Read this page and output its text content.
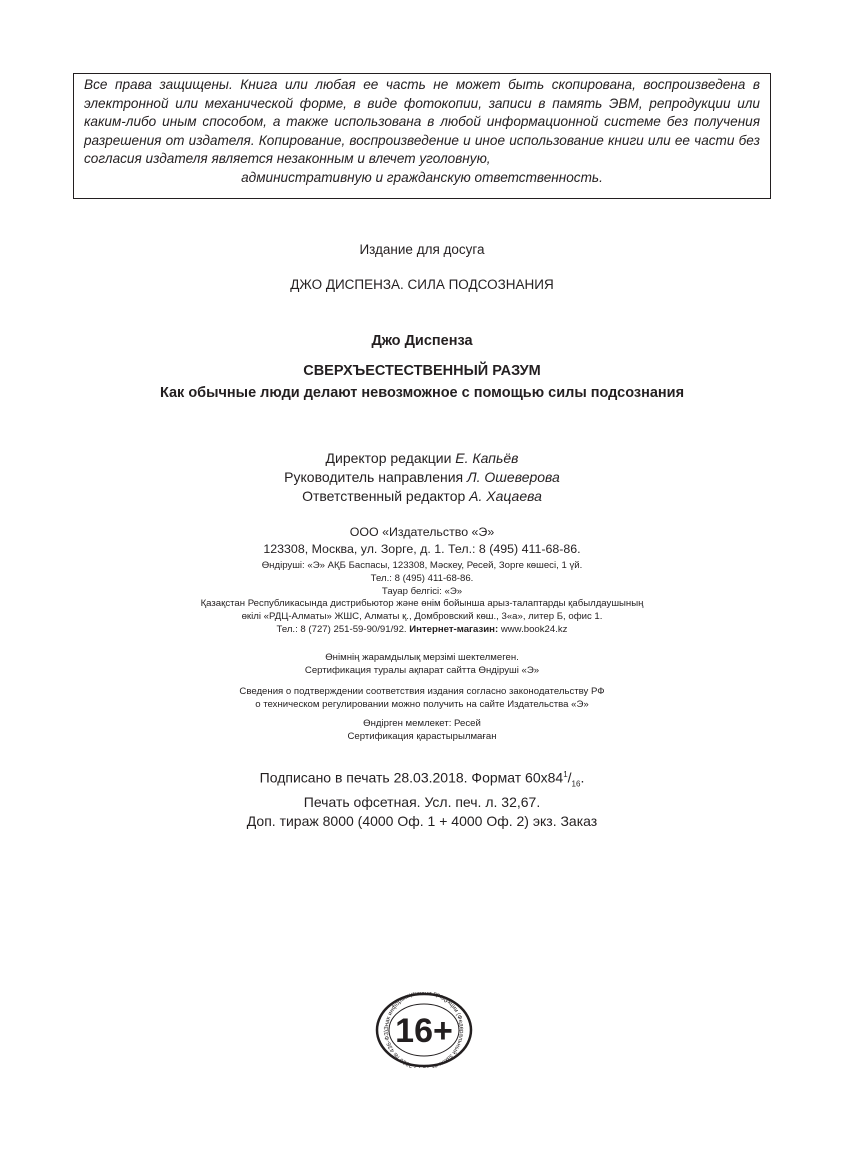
Все права защищены. Книга или любая ее часть не может быть скопирована, воспроизведена в электронной или механической форме, в виде фотокопии, записи в память ЭВМ, репродукции или каким-либо иным способом, а также использована в любой информационной системе без получения разрешения от издателя. Копирование, воспроизведение и иное использование книги или ее части без согласия издателя является незаконным и влечет уголовную,
административную и гражданскую ответственность.
Издание для досуга
ДЖО ДИСПЕНЗА. СИЛА ПОДСОЗНАНИЯ
Джо Диспенза
СВЕРХЪЕСТЕСТВЕННЫЙ РАЗУМ
Как обычные люди делают невозможное с помощью силы подсознания
Директор редакции Е. Капьёв
Руководитель направления Л. Ошеверова
Ответственный редактор А. Хацаева
ООО «Издательство «Э»
123308, Москва, ул. Зорге, д. 1. Тел.: 8 (495) 411-68-86.
Өндіруші: «Э» АҚБ Баспасы, 123308, Мәскеу, Ресей, Зорге көшесі, 1 үй.
Тел.: 8 (495) 411-68-86.
Тауар белгісі: «Э»
Қазақстан Республикасында дистрибьютор және өнім бойынша арыз-талаптарды қабылдаушының
өкілі «РДЦ-Алматы» ЖШС, Алматы қ., Домбровский көш., 3«а», литер Б, офис 1.
Тел.: 8 (727) 251-59-90/91/92. Интернет-магазин: www.book24.kz
Өнімнің жарамдылық мерзімі шектелмеген.
Сертификация туралы ақпарат сайтта Өндіруші «Э»
Сведения о подтверждении соответствия издания согласно законодательству РФ
о техническом регулировании можно получить на сайте Издательства «Э»
Өндірген мемлекет: Ресей
Сертификация қарастырылмаған
Подписано в печать 28.03.2018. Формат $60x84^1/_{16}$.
Печать офсетная. Усл. печ. л. 32,67.
Доп. тираж 8000 (4000 Оф. 1 + 4000 Оф. 2) экз. Заказ
Знак информационной продукции (Федеральный закон от 29.12.2010 № 436-ФЗ) 16+
